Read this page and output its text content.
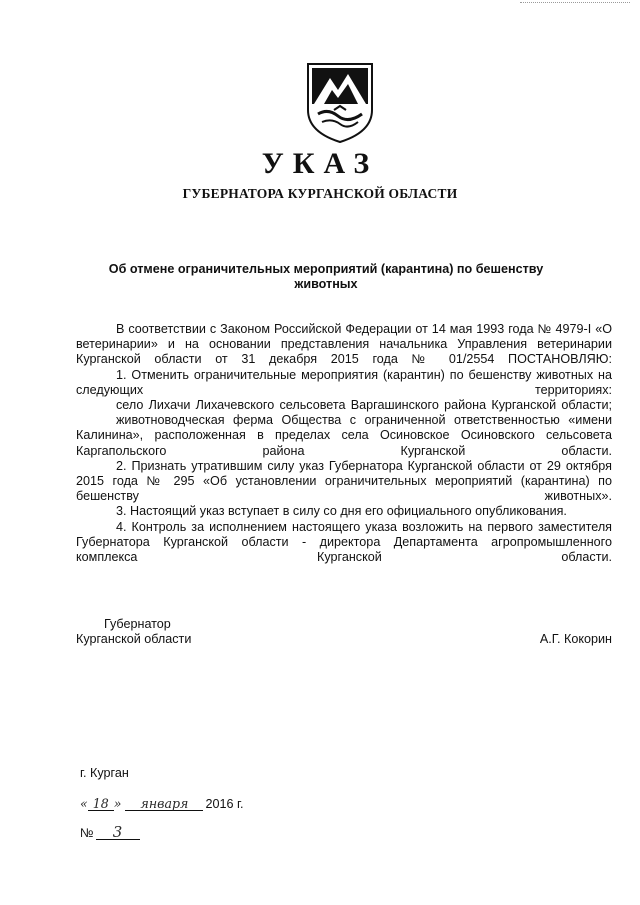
УКАЗ
ГУБЕРНАТОРА КУРГАНСКОЙ ОБЛАСТИ
Об отмене ограничительных мероприятий (карантина) по бешенству животных

В соответствии с Законом Российской Федерации от 14 мая 1993 года № 4979-I «О ветеринарии» и на основании представления начальника Управления ветеринарии Курганской области от 31 декабря 2015 года № 01/2554 ПОСТАНОВЛЯЮ:

1. Отменить ограничительные мероприятия (карантин) по бешенству животных на следующих территориях:

село Лихачи Лихачевского сельсовета Варгашинского района Курганской области;

животноводческая ферма Общества с ограниченной ответственностью «имени Калинина», расположенная в пределах села Осиновское Осиновского сельсовета Каргапольского района Курганской области.

2. Признать утратившим силу указ Губернатора Курганской области от 29 октября 2015 года № 295 «Об установлении ограничительных мероприятий (карантина) по бешенству животных».

3. Настоящий указ вступает в силу со дня его официального опубликования.

4. Контроль за исполнением настоящего указа возложить на первого заместителя Губернатора Курганской области - директора Департамента агропромышленного комплекса Курганской области.

Губернатор
Курганской области	А.Г. Кокорин
г. Курган
« 18 »	января	2016 г.
№	3
